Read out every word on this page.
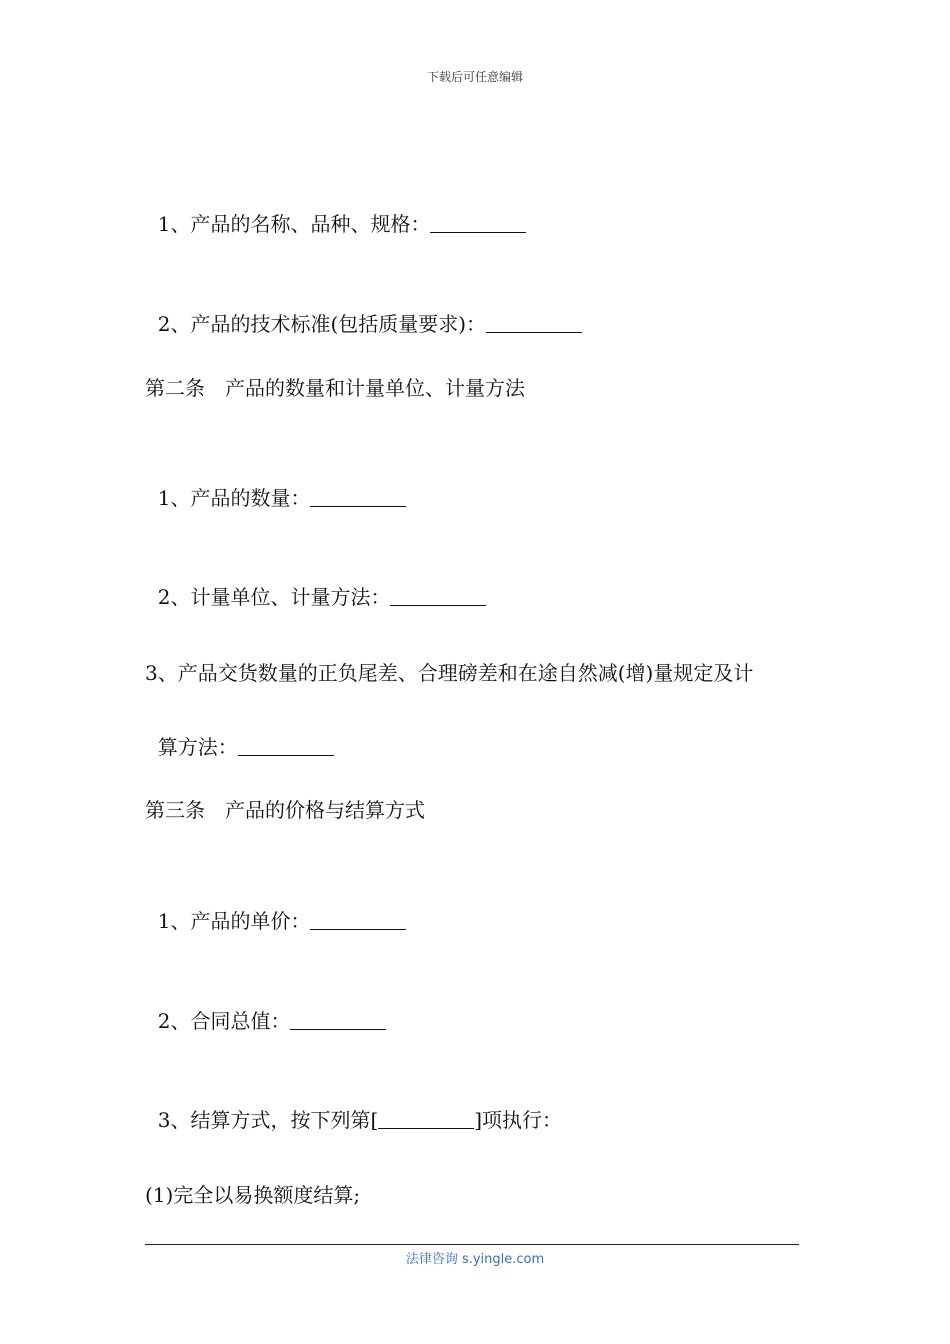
下载后可任意编辑

1、产品的名称、品种、规格：

2、产品的技术标准(包括质量要求)：

第二条　产品的数量和计量单位、计量方法

1、产品的数量：

2、计量单位、计量方法：

3、产品交货数量的正负尾差、合理磅差和在途自然减(增)量规定及计

算方法：

第三条　产品的价格与结算方式

1、产品的单价：

2、合同总值：

3、结算方式，按下列第[	]项执行：

(1)完全以易换额度结算;
法律咨询 s.yingle.com
